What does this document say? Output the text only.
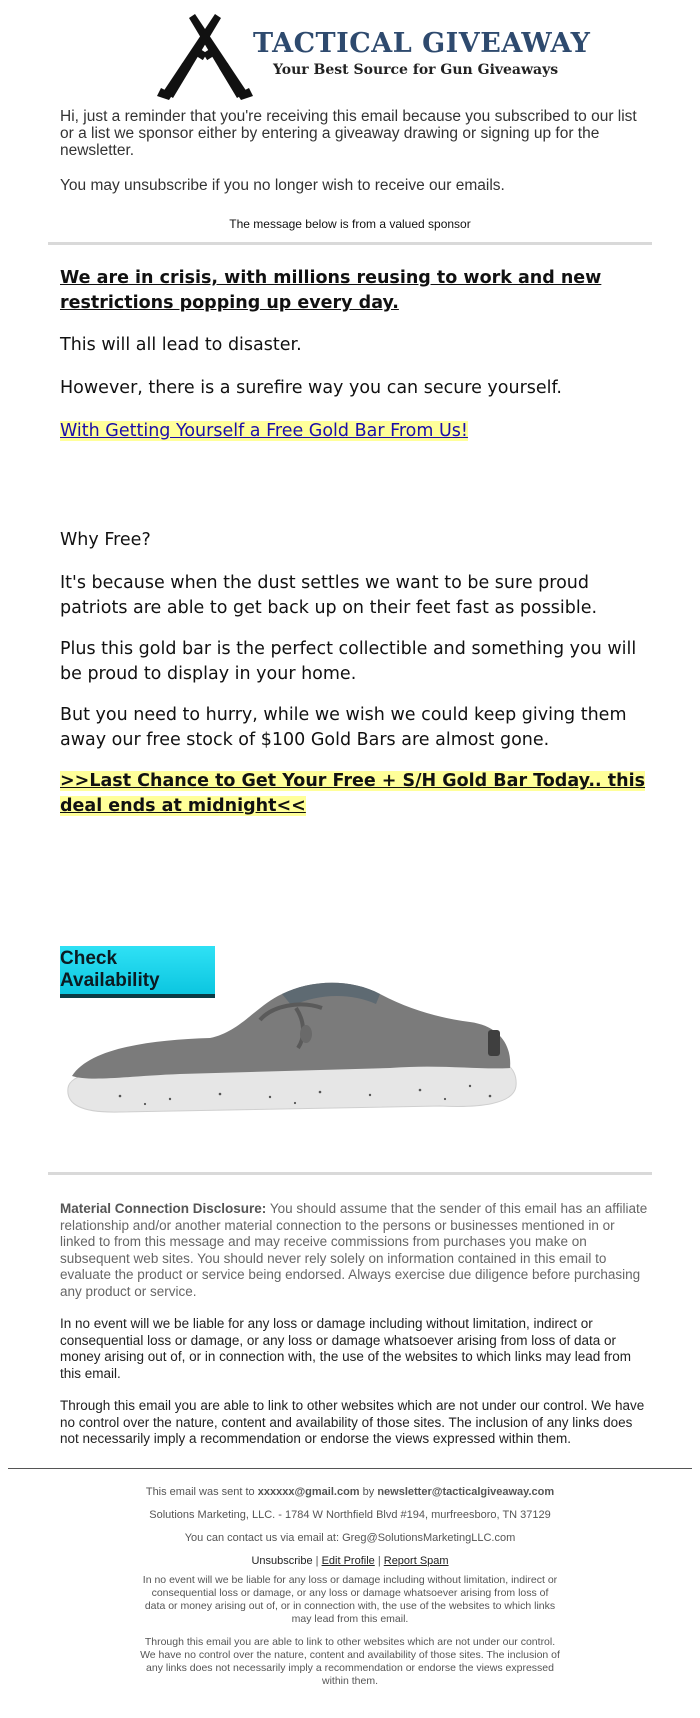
TACTICAL GIVEAWAY
Your Best Source for Gun Giveaways

Hi, just a reminder that you're receiving this email because you subscribed to our list or a list we sponsor either by entering a giveaway drawing or signing up for the newsletter.

You may unsubscribe if you no longer wish to receive our emails.

The message below is from a valued sponsor

We are in crisis, with millions reusing to work and new restrictions popping up every day.

This will all lead to disaster.

However, there is a surefire way you can secure yourself.

With Getting Yourself a Free Gold Bar From Us!

Why Free?

It's because when the dust settles we want to be sure proud patriots are able to get back up on their feet fast as possible.

Plus this gold bar is the perfect collectible and something you will be proud to display in your home.

But you need to hurry, while we wish we could keep giving them away our free stock of $100 Gold Bars are almost gone.

>>Last Chance to Get Your Free + S/H Gold Bar Today.. this deal ends at midnight<<

Check Availability

Material Connection Disclosure: You should assume that the sender of this email has an affiliate relationship and/or another material connection to the persons or businesses mentioned in or linked to from this message and may receive commissions from purchases you make on subsequent web sites. You should never rely solely on information contained in this email to evaluate the product or service being endorsed. Always exercise due diligence before purchasing any product or service.

In no event will we be liable for any loss or damage including without limitation, indirect or consequential loss or damage, or any loss or damage whatsoever arising from loss of data or money arising out of, or in connection with, the use of the websites to which links may lead from this email.

Through this email you are able to link to other websites which are not under our control. We have no control over the nature, content and availability of those sites. The inclusion of any links does not necessarily imply a recommendation or endorse the views expressed within them.

This email was sent to xxxxxx@gmail.com by newsletter@tacticalgiveaway.com

Solutions Marketing, LLC. - 1784 W Northfield Blvd #194, murfreesboro, TN 37129

You can contact us via email at: Greg@SolutionsMarketingLLC.com

Unsubscribe | Edit Profile | Report Spam

In no event will we be liable for any loss or damage including without limitation, indirect or consequential loss or damage, or any loss or damage whatsoever arising from loss of data or money arising out of, or in connection with, the use of the websites to which links may lead from this email.

Through this email you are able to link to other websites which are not under our control. We have no control over the nature, content and availability of those sites. The inclusion of any links does not necessarily imply a recommendation or endorse the views expressed within them.
